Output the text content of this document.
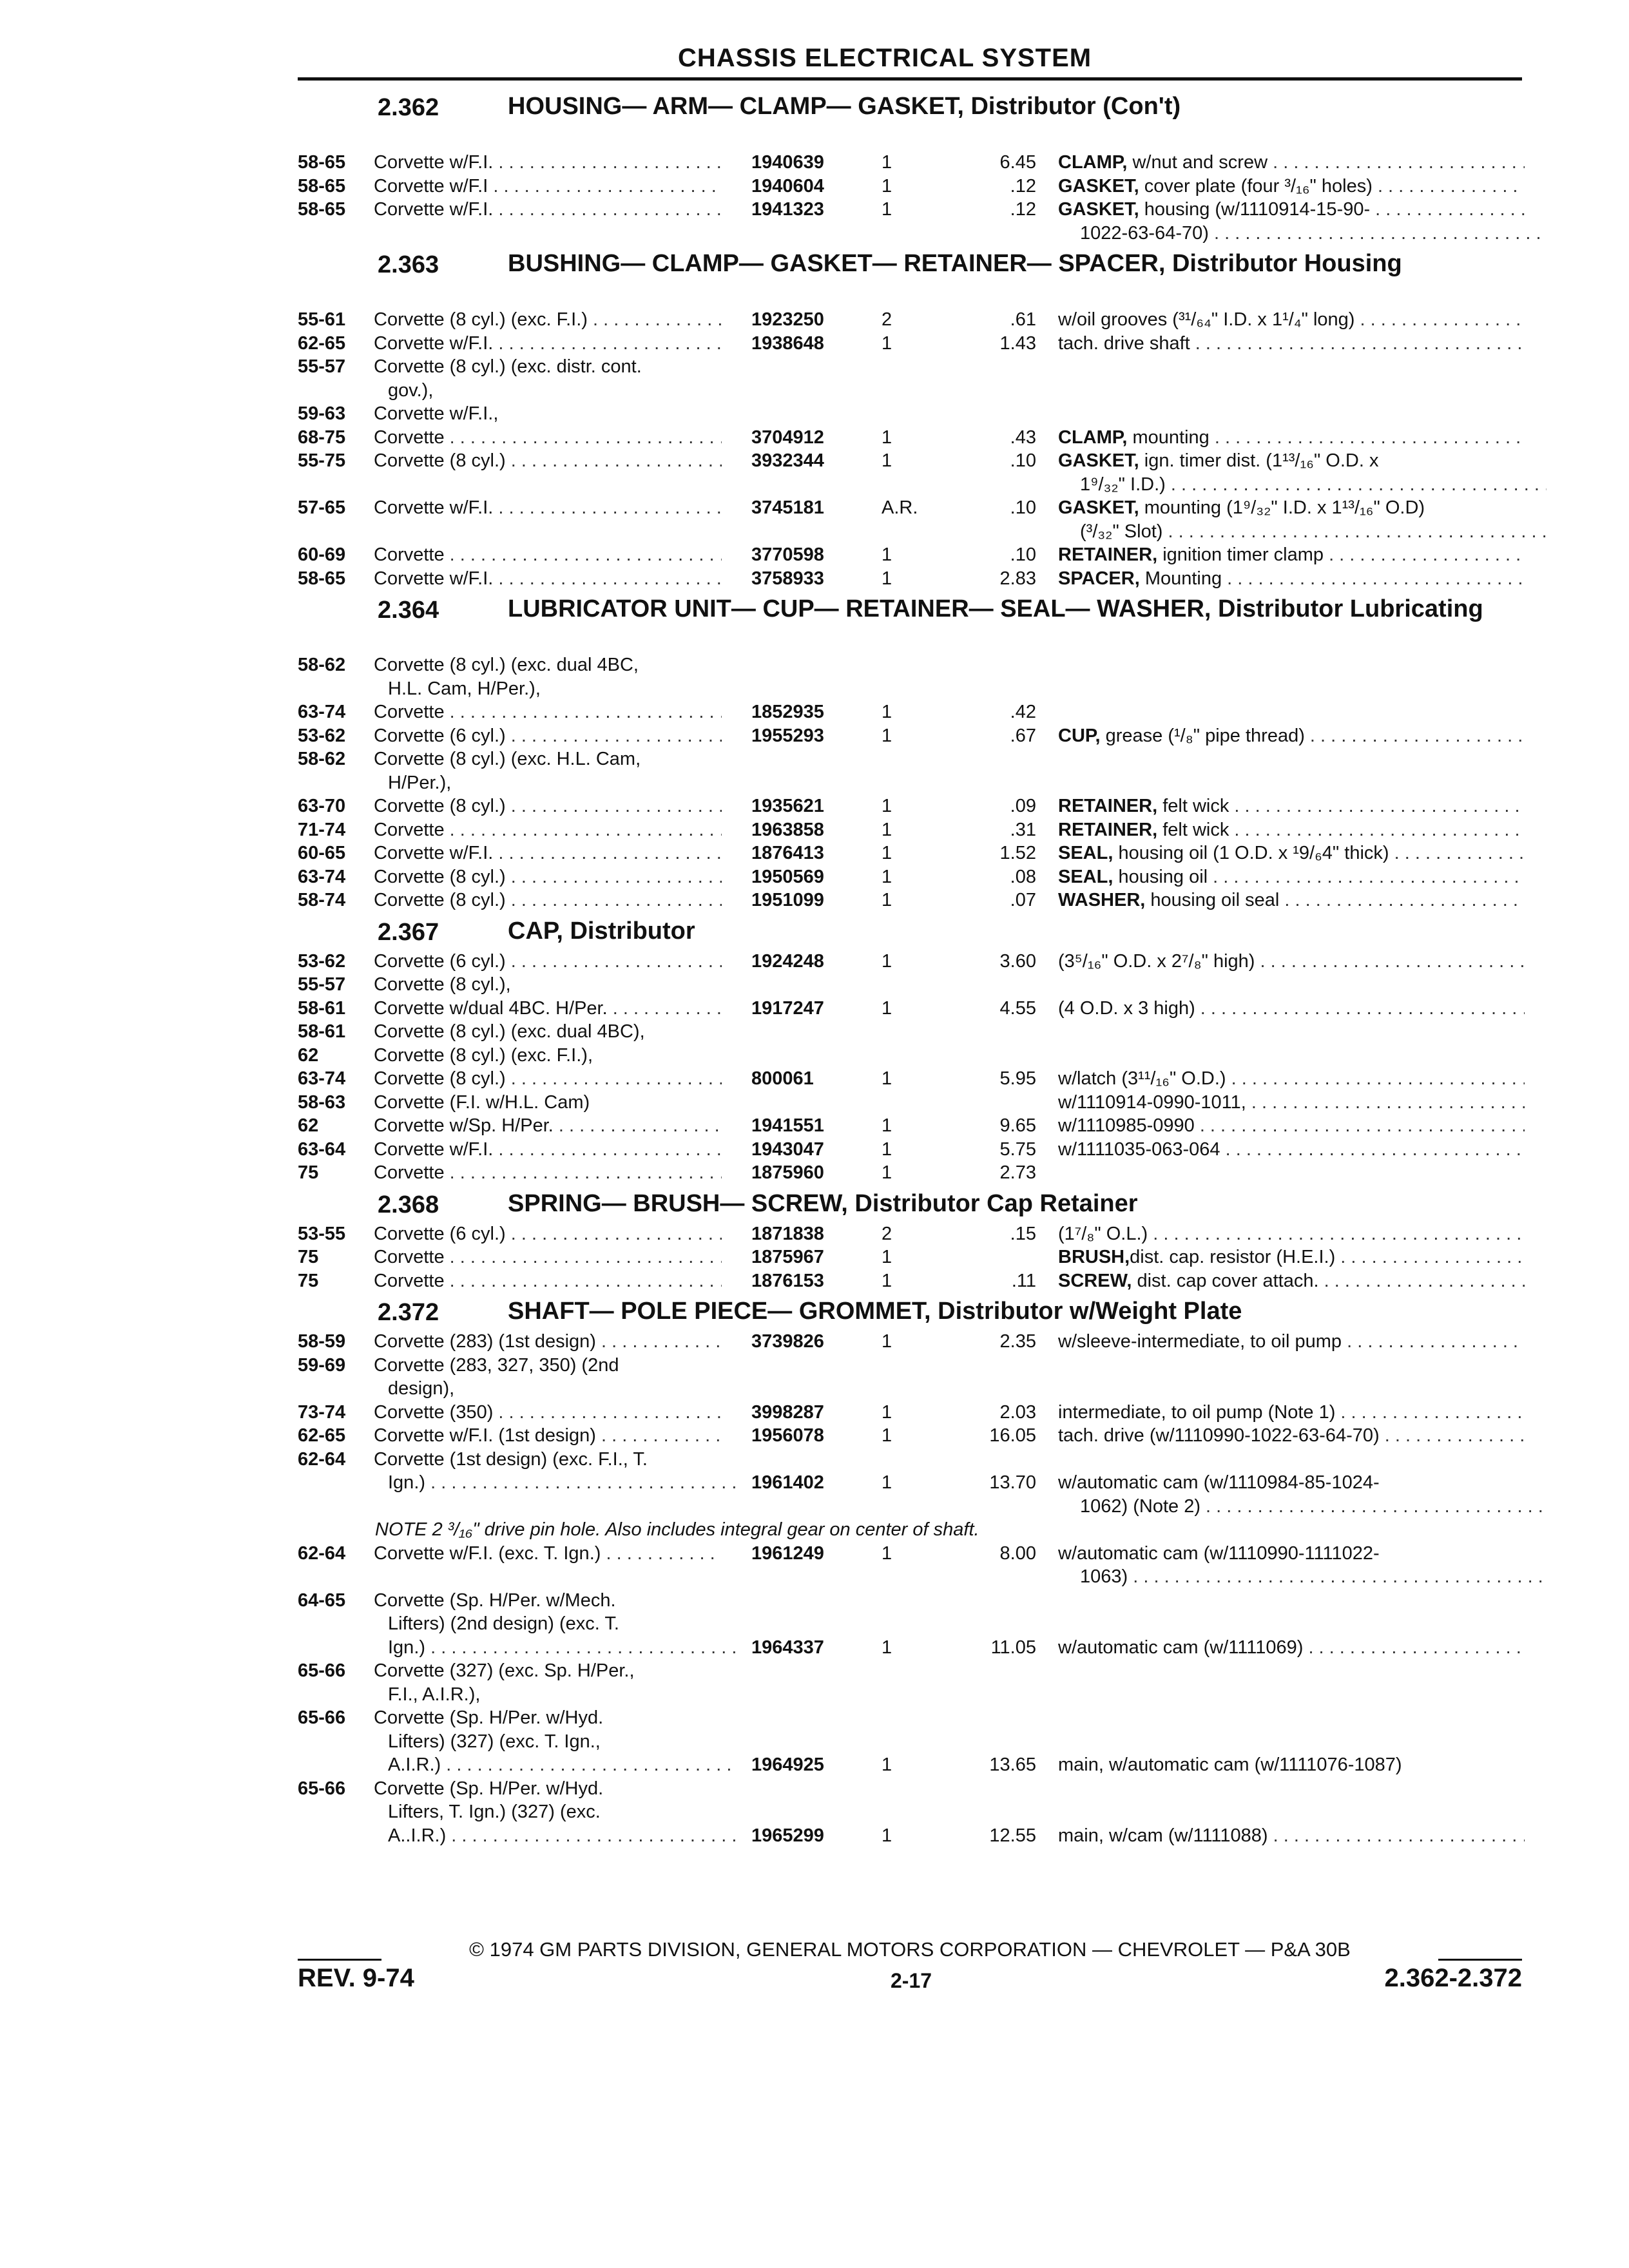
CHASSIS ELECTRICAL SYSTEM
2.362	HOUSING— ARM— CLAMP— GASKET, Distributor (Con't)
58-65	Corvette w/F.I. . . .	1940639	1	6.45 CLAMP, w/nut and screw . . .
58-65	Corvette w/F.I . . .	1940604	1	.12 GASKET, cover plate (four ³/₁₆" holes) . . .
58-65	Corvette w/F.I. . . .	1941323	1	.12 GASKET, housing (w/1110914-15-90- . . .
1022-63-64-70) . . .
2.363	BUSHING— CLAMP— GASKET— RETAINER— SPACER, Distributor Housing
55-61	Corvette (8 cyl.) (exc. F.I.) . . .	1923250	2	.61 w/oil grooves (³¹/₆₄" I.D. x 1¹/₄" long) . . .
62-65	Corvette w/F.I. . . .	1938648	1	1.43 tach. drive shaft . . .
55-57	Corvette (8 cyl.) (exc. distr. cont.
gov.),
59-63	Corvette w/F.I.,
68-75	Corvette . . .	3704912	1	.43 CLAMP, mounting . . .
55-75	Corvette (8 cyl.) . . .	3932344	1	.10 GASKET, ign. timer dist. (1¹³/₁₆" O.D. x
1⁹/₃₂" I.D.) . . .
57-65	Corvette w/F.I. . . .	3745181	A.R.	.10 GASKET, mounting (1⁹/₃₂" I.D. x 1¹³/₁₆" O.D)
(³/₃₂" Slot) . . .
60-69	Corvette . . .	3770598	1	.10 RETAINER, ignition timer clamp . . .
58-65	Corvette w/F.I. . . .	3758933	1	2.83 SPACER, Mounting . . .
2.364	LUBRICATOR UNIT— CUP— RETAINER— SEAL— WASHER, Distributor Lubricating
58-62	Corvette (8 cyl.) (exc. dual 4BC,
H.L. Cam, H/Per.),
63-74	Corvette . . .	1852935	1	.42
53-62	Corvette (6 cyl.) . . .	1955293	1	.67 CUP, grease (¹/₈" pipe thread) . . .
58-62	Corvette (8 cyl.) (exc. H.L. Cam,
H/Per.),
63-70	Corvette (8 cyl.) . . .	1935621	1	.09 RETAINER, felt wick . . .
71-74	Corvette . . .	1963858	1	.31 RETAINER, felt wick . . .
60-65	Corvette w/F.I. . . .	1876413	1	1.52 SEAL, housing oil (1 O.D. x ¹9/₆4" thick) . . .
63-74	Corvette (8 cyl.) . . .	1950569	1	.08 SEAL, housing oil . . .
58-74	Corvette (8 cyl.) . . .	1951099	1	.07 WASHER, housing oil seal . . .
2.367	CAP, Distributor
53-62	Corvette (6 cyl.) . . .	1924248	1	3.60 (3⁵/₁₆" O.D. x 2⁷/₈" high) . . .
55-57	Corvette (8 cyl.),
58-61	Corvette w/dual 4BC. H/Per. . . .	1917247	1	4.55 (4 O.D. x 3 high) . . .
58-61	Corvette (8 cyl.) (exc. dual 4BC),
62	Corvette (8 cyl.) (exc. F.I.),
63-74	Corvette (8 cyl.) . . .	800061	1	5.95 w/latch (3¹¹/₁₆" O.D.) . . .
58-63	Corvette (F.I. w/H.L. Cam)	w/1110914-0990-1011, . . .
62	Corvette w/Sp. H/Per. . . .	1941551	1	9.65 w/1110985-0990 . . .
63-64	Corvette w/F.I. . . .	1943047	1	5.75 w/1111035-063-064 . . .
75	Corvette . . .	1875960	1	2.73
2.368	SPRING— BRUSH— SCREW, Distributor Cap Retainer
53-55	Corvette (6 cyl.) . . .	1871838	2	.15 (1⁷/₈" O.L.) . . .
75	Corvette . . .	1875967	1	BRUSH,dist. cap. resistor (H.E.I.) . . .
75	Corvette . . .	1876153	1	.11 SCREW, dist. cap cover attach. . . .
2.372	SHAFT— POLE PIECE— GROMMET, Distributor w/Weight Plate
58-59	Corvette (283) (1st design) . . .	3739826	1	2.35 w/sleeve-intermediate, to oil pump . . .
59-69	Corvette (283, 327, 350) (2nd
design),
73-74	Corvette (350) . . .	3998287	1	2.03 intermediate, to oil pump (Note 1) . . .
62-65	Corvette w/F.I. (1st design) . . .	1956078	1	16.05 tach. drive (w/1110990-1022-63-64-70) . . .
62-64	Corvette (1st design) (exc. F.I., T.
Ign.) . . .	1961402	1	13.70 w/automatic cam (w/1110984-85-1024-
1062) (Note 2) . . .
NOTE 2 ³/₁₆" drive pin hole. Also includes integral gear on center of shaft.
62-64	Corvette w/F.I. (exc. T. Ign.) . . .	1961249	1	8.00 w/automatic cam (w/1110990-1111022-
1063) . . .
64-65	Corvette (Sp. H/Per. w/Mech.
Lifters) (2nd design) (exc. T.
Ign.) . . .	1964337	1	11.05 w/automatic cam (w/1111069) . . .
65-66	Corvette (327) (exc. Sp. H/Per.,
F.I., A.I.R.),
65-66	Corvette (Sp. H/Per. w/Hyd.
Lifters) (327) (exc. T. Ign.,
A.I.R.) . . .	1964925	1	13.65 main, w/automatic cam (w/1111076-1087)
65-66	Corvette (Sp. H/Per. w/Hyd.
Lifters, T. Ign.) (327) (exc.
A..I.R.) . . .	1965299	1	12.55 main, w/cam (w/1111088) . . .
© 1974 GM PARTS DIVISION, GENERAL MOTORS CORPORATION — CHEVROLET — P&A 30B
REV. 9-74	2-17	2.362-2.372
